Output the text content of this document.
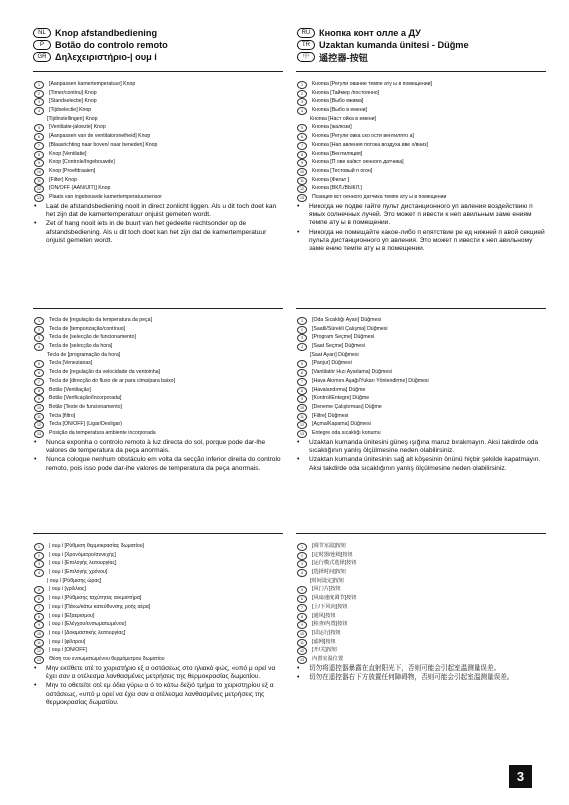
NL Knop afstandbediening
P	Botão do controlo remoto
GR Δηλεχειριστήριο-| ουμ ί
RU Кнопка конт олле а ДУ
TR Uzaktan kumanda ünitesi - Düğme
中	遥控器-按钮
1	[Aanpassen kamertemperatuur] Knop
2	[Timer/continu] Knop
3	[Standselectie] Knop
4	[Tijdselectie] Knop
[Tijdinstellingen] Knop
5	[Ventilatie-jaloezie] Knop
6	[Aanpassen van de ventilatorsnelheid] Knop
7	[Blaasrichting naar boven/ naar beneden] Knop
8	Knop [Ventilatie]
9	Knop [Controle/Ingebouwde]
10	Knop [Proefdraaien]
11	[Filter] Knop
12	[ON/OFF (AAN/UIT)] Knop
13	Plaats van ingebouwde kamertemperatuursensor
•	Laat de afstandsbediening nooit in direct zonlicht liggen. Als u dit toch doet kan het zijn dat de kamertemperatuur onjuist gemeten wordt.
•	Zet of hang nooit iets in de buurt van het gedeelte rechtsonder op de afstandsbediening. Als u dit toch doet kan het zijn dat de kamertemperatuur onjuist gemeten wordt.
1	Кнопка [Регули ование темпе ату ы в помещении]
2	Кнопка [Таймер /постоянно]
3	Кнопка [Выбо ежима]
4	Кнопка [Выбо в емени]
Кнопка [Наст ойка в емени]
5	Кнопка [жалюзи]
6	Кнопка [Регули овка ско ости вентилято а]
7	Кнопка [Нап авления потока воздуха вве х/вниз]
8	Кнопка [Вентиляция]
9	Кнопка [П ове ка/вст оенного датчика]
10	Кнопка [Тестовый п огон]
11	Кнопка [Фильт ]
12	Кнопка [ВКЛ./ВЫКЛ.]
13	Позиция вст оенного датчика темпе ату ы в помещении
•	Никогда не подве гайте пульт дистанционного уп авления воздействию п ямых солнечных лучей. Это может п ивести к неп авильным заме ениям темпе ату ы в помещении.
•	Никогда не помещайте какое-либо п епятствие ре ед нижней п авой секцией пульта дистанционного уп авления. Это может п ивести к неп авильному заме ению темпе ату ы в помещении.
1	Tecla de [regulação da temperatura da peça]
2	Tecla de [temporização/contínuo]
3	Tecla de [selecção de funcionamento]
4	Tecla de [selecção da hora]
Tecla de [programação da hora]
5	Tecla [Venezianas]
6	Tecla de [regulação da velocidade da ventoinha]
7	Tecla de [direcção do fluxo de ar para cima/para baixo]
8	Botão [Ventilação]
9	Botão [Verificação/Incorporada]
10	Botão [Teste de funcionamento]
11	Tecla [filtro]
12	Tecla [ON/OFF] (Ligar/Desligar)
13	Posição da temperatura ambiente incorporada
•	Nunca exponha o controlo remoto à luz directa do sol, porque pode dar-lhe valores de temperatura da peça anormais.
•	Nunca coloque nenhum obstáculo em volta da secção inferior direita do controlo remoto, pois isso pode dar-lhe valores de temperatura da peça anormais.
1	[Oda Sıcaklığı Ayarı] Düğmesi
2	[Saatli/Sürekli Çalışma] Düğmesi
3	[Program Seçme] Düğmesi
4	[Saat Seçme] Düğmesi
[Saat Ayarı] Düğmesi
5	[Panjur] Düğmesi
6	[Vantilatör Hızı Ayarlama] Düğmesi
7	[Hava Akımını Aşağı/Yukarı Yönlendirme] Düğmesi
8	[Havalandırma] Düğme
9	[Kontrol/Entegre] Düğme
10	[Deneme Çalıştırması] Düğme
11	[Filtre] Düğmesi
12	[Açma/Kapama] Düğmesi
13	Entegre oda sıcaklığı konumu
•	Uzaktan kumanda ünitesini güneş ışığına maruz bırakmayın. Aksi takdirde oda sıcaklığının yanlış ölçülmesine neden olabilirsiniz.
•	Uzaktan kumanda ünitesinin sağ alt köşesinin önünü hiçbir şekilde kapatmayın. Aksi takdirde oda sıcaklığının yanlış ölçülmesine neden olabilirsiniz.
1	| ουμ ί [Ρύθμιση θερμοκρασίας δωματίου]
2	| ουμ ί [Χρονόμετρο/συνεχής]
3	| ουμ ί [Επιλογής λειτουργίας]
4	| ουμ ί [Επιλογής χρόνου]
| ουμ ί [Ρύθμισης ώρας]
5	| ουμ ί [γρίλλιας]
6	| ουμ ί [Ρύθμισης ταχύτητας ανεμιστήρα]
7	| ουμ ί [Πάνω/κάτω κατεύθυνσης ροής αέρα]
8	| ουμ ί [Εξαερισμου]
9	| ουμ ί [Ελέγχου/ενσωματωμένου]
10	| ουμ ί [Δοκιμαστικής λειτουργίας]
11	| ουμ ί [φίλτρου]
12	| ουμ ί [ON/OFF]
13	Θέση του ενσωματωμένου θερμόμετρου δωματίου
•	Μην εκτίθετε οτέ το χειριστήριο εξ α οστάσεως στο ηλιακό φώς, «υπό μ ορεί να έχει σαν α οτέλεσμα λανθασμένες μετρήσεις της θερμοκρασίας δωματίου.
•	Μην το οθετείτε οτέ εμ όδια γύρω α ό το κάτω δεξιό τμήμα το χειριστηρίου εξ α οστάσεως, «υπό μ ορεί να έχει σαν α οτέλεσμα λανθασμένες μετρήσεις της θερμοκρασίας δωματίου.
1	[调节室温]按钮
2	[定时器/连续]按钮
3	[运行模式选择]按钮
4	[选择时间]按钮
[时间设定]按钮
5	[风门片]按钮
6	[风扇速度调节]按钮
7	[上/下风向]按钮
8	[通风]按钮
9	[检查/内置]按钮
10	[试运行]按钮
11	[滤网]按钮
12	[开/关]按钮
13	内置室温位置
•	切勿将遥控器暴露在直射阳光下，否则可能会引起室温测量误差。
•	切勿在遥控器右下方放置任何障碍物，否则可能会引起室温测量误差。
3
